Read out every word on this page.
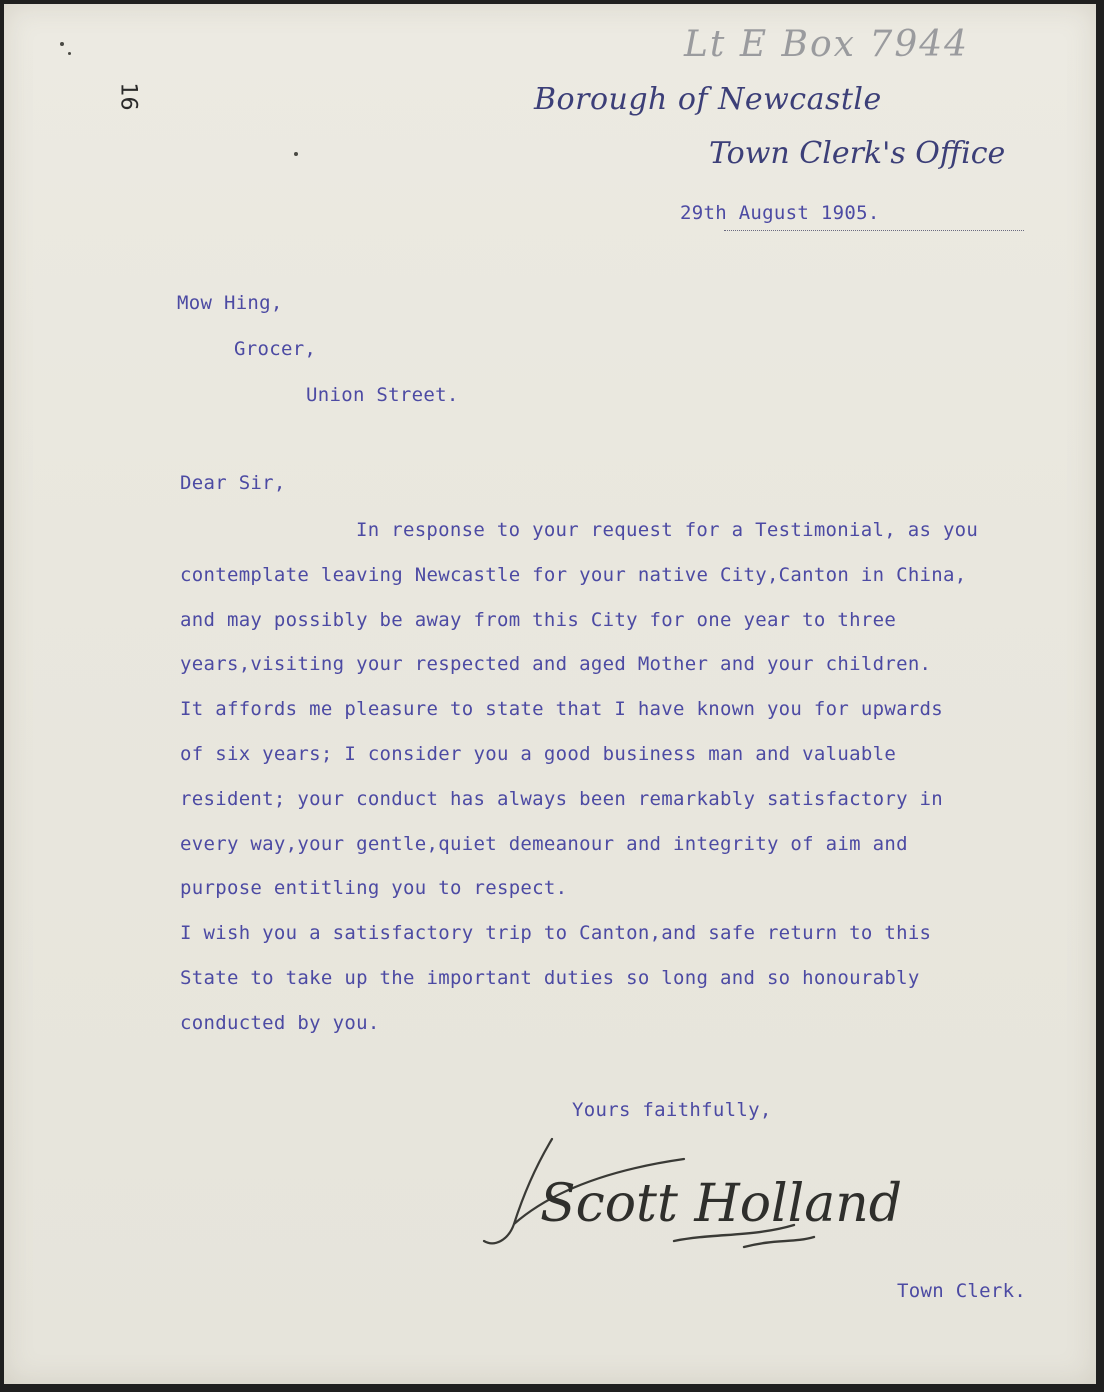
16
Lt E Box 7944
Borough of Newcastle
Town Clerk's Office
29th August 1905.
Mow Hing,
Grocer,
Union Street.
Dear Sir,
In response to your request for a Testimonial, as you
contemplate leaving Newcastle for your native City,Canton in China,
and may possibly be away from this City for one year to three
years,visiting your respected and aged Mother and your children.
It affords me pleasure to state that I have known you for upwards
of six years; I consider you a good business man and valuable
resident; your conduct has always been remarkably satisfactory in
every way,your gentle,quiet demeanour and integrity of aim and
purpose entitling you to respect.
I wish you a satisfactory trip to Canton,and safe return to this
State to take up the important duties so long and so honourably
conducted by you.
Yours faithfully,
Scott Holland
Town Clerk.
